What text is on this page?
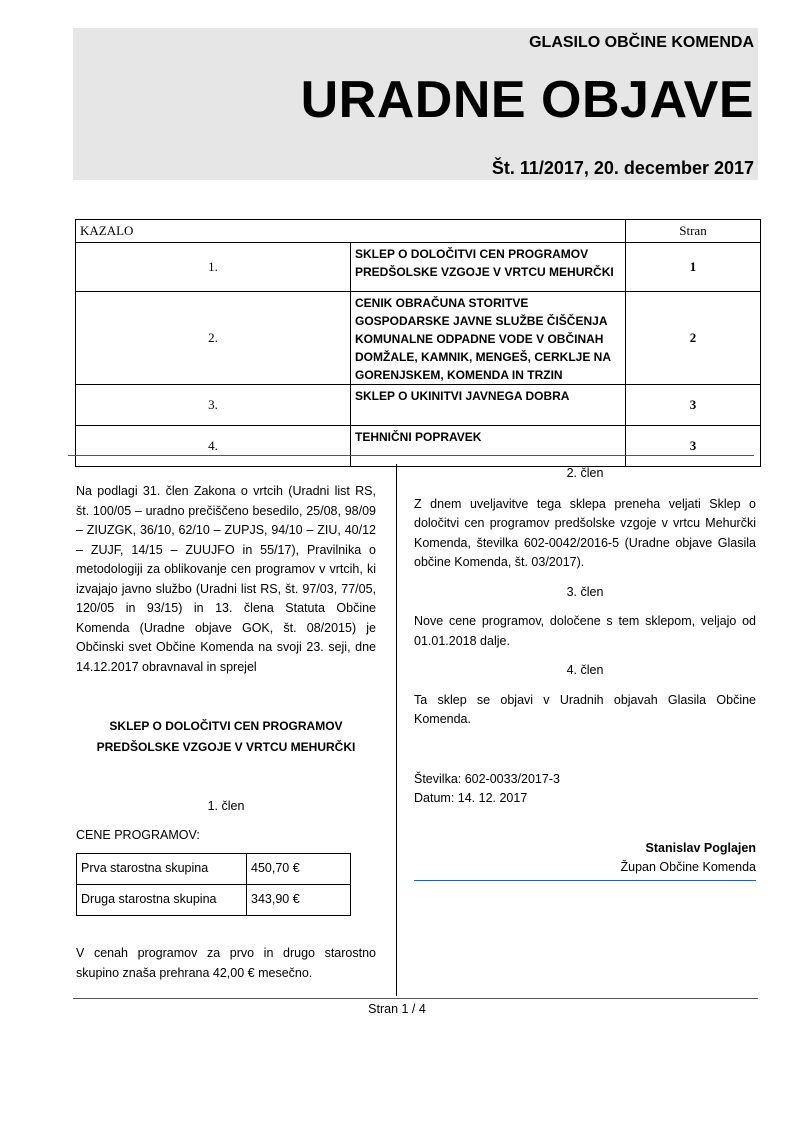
GLASILO OBČINE KOMENDA
URADNE OBJAVE
Št. 11/2017, 20. december 2017
KAZALO		Stran
1.	SKLEP O DOLOČITVI CEN PROGRAMOV PREDŠOLSKE VZGOJE V VRTCU MEHURČKI	1
2.	CENIK OBRAČUNA STORITVE GOSPODARSKE JAVNE SLUŽBE ČIŠČENJA KOMUNALNE ODPADNE VODE V OBČINAH DOMŽALE, KAMNIK, MENGEŠ, CERKLJE NA GORENJSKEM, KOMENDA IN TRZIN	2
3.	SKLEP O UKINITVI JAVNEGA DOBRA	3
4.	TEHNIČNI POPRAVEK	3

Na podlagi 31. člen Zakona o vrtcih (Uradni list RS, št. 100/05 – uradno prečiščeno besedilo, 25/08, 98/09 – ZIUZGK, 36/10, 62/10 – ZUPJS, 94/10 – ZIU, 40/12 – ZUJF, 14/15 – ZUUJFO in 55/17), Pravilnika o metodologiji za oblikovanje cen programov v vrtcih, ki izvajajo javno službo (Uradni list RS, št. 97/03, 77/05, 120/05 in 93/15) in 13. člena Statuta Občine Komenda (Uradne objave GOK, št. 08/2015) je Občinski svet Občine Komenda na svoji 23. seji, dne 14.12.2017 obravnaval in sprejel

SKLEP O DOLOČITVI CEN PROGRAMOV

PREDŠOLSKE VZGOJE V VRTCU MEHURČKI

1. člen

CENE PROGRAMOV:

Prva starostna skupina	450,70 €
Druga starostna skupina	343,90 €

V cenah programov za prvo in drugo starostno skupino znaša prehrana 42,00 € mesečno.

2. člen

Z dnem uveljavitve tega sklepa preneha veljati Sklep o določitvi cen programov predšolske vzgoje v vrtcu Mehurčki Komenda, številka 602-0042/2016-5 (Uradne objave Glasila občine Komenda, št. 03/2017).

3. člen

Nove cene programov, določene s tem sklepom, veljajo od 01.01.2018 dalje.

4. člen

Ta sklep se objavi v Uradnih objavah Glasila Občine Komenda.

Številka: 602-0033/2017-3

Datum: 14. 12. 2017

Stanislav Poglajen

Župan Občine Komenda

Stran 1 / 4
